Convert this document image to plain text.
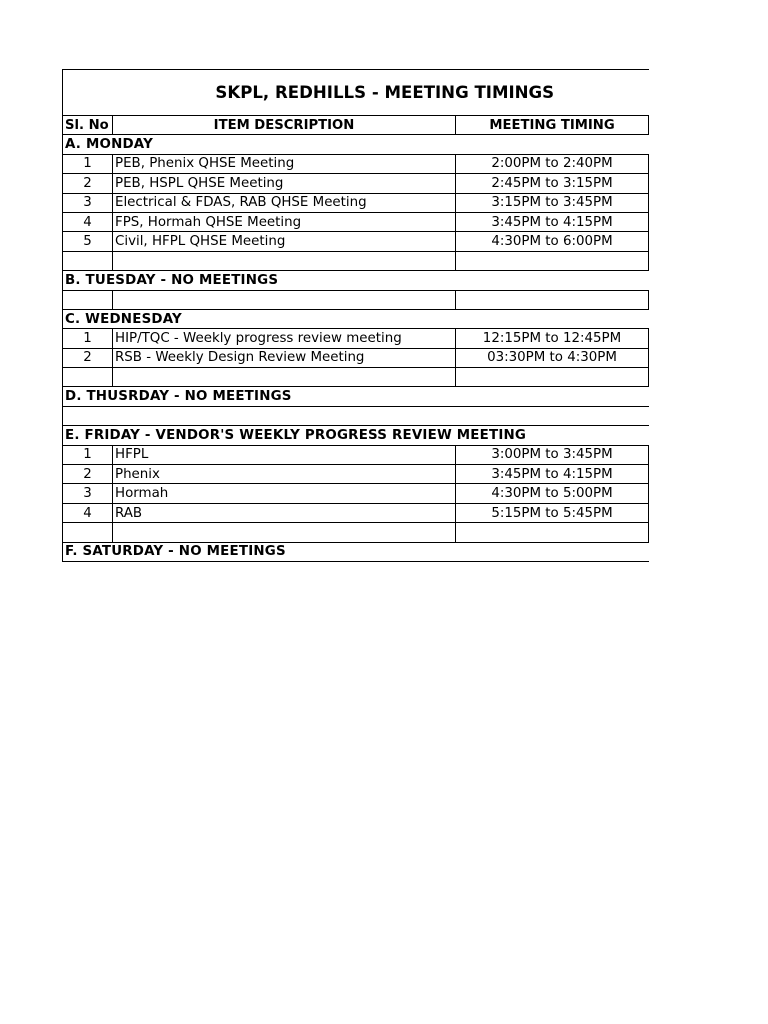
SKPL, REDHILLS - MEETING TIMINGS		
Sl. No	ITEM DESCRIPTION	MEETING TIMING
A. MONDAY		
1	PEB, Phenix QHSE Meeting	2:00PM to 2:40PM
2	PEB, HSPL QHSE Meeting	2:45PM to 3:15PM
3	Electrical & FDAS, RAB QHSE Meeting	3:15PM to 3:45PM
4	FPS, Hormah QHSE Meeting	3:45PM to 4:15PM
5	Civil, HFPL QHSE Meeting	4:30PM to 6:00PM

B. TUESDAY - NO MEETINGS		

C. WEDNESDAY		
1	HIP/TQC - Weekly progress review meeting	12:15PM to 12:45PM
2	RSB - Weekly Design Review Meeting	03:30PM to 4:30PM

D. THUSRDAY - NO MEETINGS		

E. FRIDAY - VENDOR'S WEEKLY PROGRESS REVIEW MEETING		
1	HFPL	3:00PM to 3:45PM
2	Phenix	3:45PM to 4:15PM
3	Hormah	4:30PM to 5:00PM
4	RAB	5:15PM to 5:45PM

F. SATURDAY - NO MEETINGS		
